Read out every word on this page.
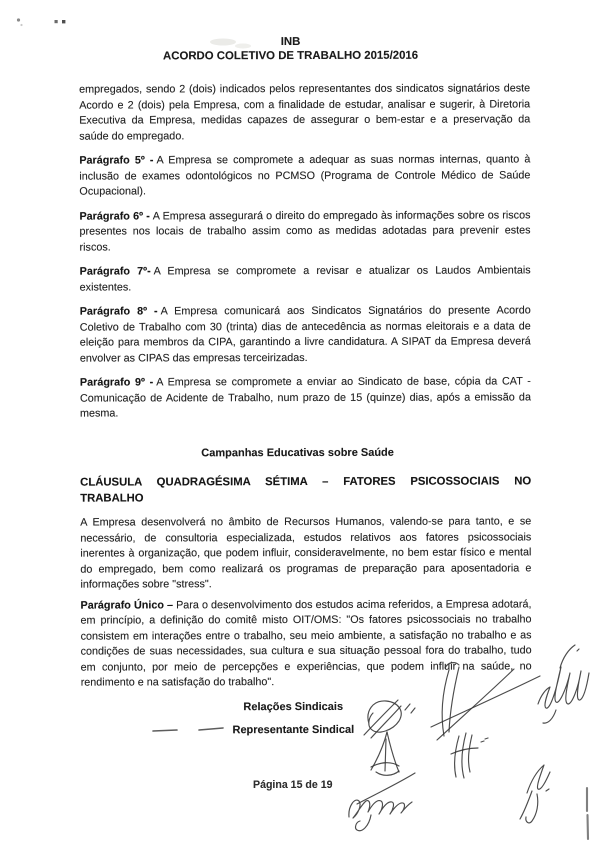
INB
ACORDO COLETIVO DE TRABALHO 2015/2016

empregados, sendo 2 (dois) indicados pelos representantes dos sindicatos signatários deste Acordo e 2 (dois) pela Empresa, com a finalidade de estudar, analisar e sugerir, à Diretoria Executiva da Empresa, medidas capazes de assegurar o bem-estar e a preservação da saúde do empregado.

Parágrafo 5º - A Empresa se compromete a adequar as suas normas internas, quanto à inclusão de exames odontológicos no PCMSO (Programa de Controle Médico de Saúde Ocupacional).

Parágrafo 6º - A Empresa assegurará o direito do empregado às informações sobre os riscos presentes nos locais de trabalho assim como as medidas adotadas para prevenir estes riscos.

Parágrafo 7º- A Empresa se compromete a revisar e atualizar os Laudos Ambientais existentes.

Parágrafo 8º - A Empresa comunicará aos Sindicatos Signatários do presente Acordo Coletivo de Trabalho com 30 (trinta) dias de antecedência as normas eleitorais e a data de eleição para membros da CIPA, garantindo a livre candidatura. A SIPAT da Empresa deverá envolver as CIPAS das empresas terceirizadas.

Parágrafo 9º - A Empresa se compromete a enviar ao Sindicato de base, cópia da CAT - Comunicação de Acidente de Trabalho, num prazo de 15 (quinze) dias, após a emissão da mesma.

Campanhas Educativas sobre Saúde
CLÁUSULA QUADRAGÉSIMA SÉTIMA – FATORES PSICOSSOCIAIS NO
TRABALHO

A Empresa desenvolverá no âmbito de Recursos Humanos, valendo-se para tanto, e se necessário, de consultoria especializada, estudos relativos aos fatores psicossociais inerentes à organização, que podem influir, consideravelmente, no bem estar físico e mental do empregado, bem como realizará os programas de preparação para aposentadoria e informações sobre "stress".

Parágrafo Único – Para o desenvolvimento dos estudos acima referidos, a Empresa adotará, em princípio, a definição do comitê misto OIT/OMS: "Os fatores psicossociais no trabalho consistem em interações entre o trabalho, seu meio ambiente, a satisfação no trabalho e as condições de suas necessidades, sua cultura e sua situação pessoal fora do trabalho, tudo em conjunto, por meio de percepções e experiências, que podem influir na saúde, no rendimento e na satisfação do trabalho".

Relações Sindicais
Representante Sindical
Página 15 de 19
